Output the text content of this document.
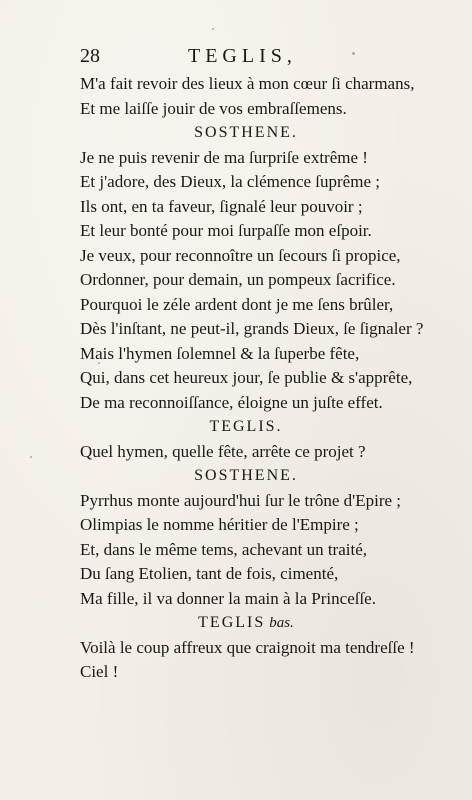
28	TEGLIS,
M'a fait revoir des lieux à mon cœur ſi charmans,
Et me laiſſe jouir de vos embraſſemens.
SOSTHENE.
Je ne puis revenir de ma ſurpriſe extrême !
Et j'adore, des Dieux, la clémence ſuprême ;
Ils ont, en ta faveur, ſignalé leur pouvoir ;
Et leur bonté pour moi ſurpaſſe mon eſpoir.
Je veux, pour reconnoître un ſecours ſi propice,
Ordonner, pour demain, un pompeux ſacrifice.
Pourquoi le zéle ardent dont je me ſens brûler,
Dès l'inſtant, ne peut-il, grands Dieux, ſe ſignaler ?
Mais l'hymen ſolemnel & la ſuperbe fête,
Qui, dans cet heureux jour, ſe publie & s'apprête,
De ma reconnoiſſance, éloigne un juſte effet.
TEGLIS.
Quel hymen, quelle fête, arrête ce projet ?
SOSTHENE.
Pyrrhus monte aujourd'hui ſur le trône d'Epire ;
Olimpias le nomme héritier de l'Empire ;
Et, dans le même tems, achevant un traité,
Du ſang Etolien, tant de fois, cimenté,
Ma fille, il va donner la main à la Princeſſe.
TEGLIS bas.
Voilà le coup affreux que craignoit ma tendreſſe !
Ciel !
